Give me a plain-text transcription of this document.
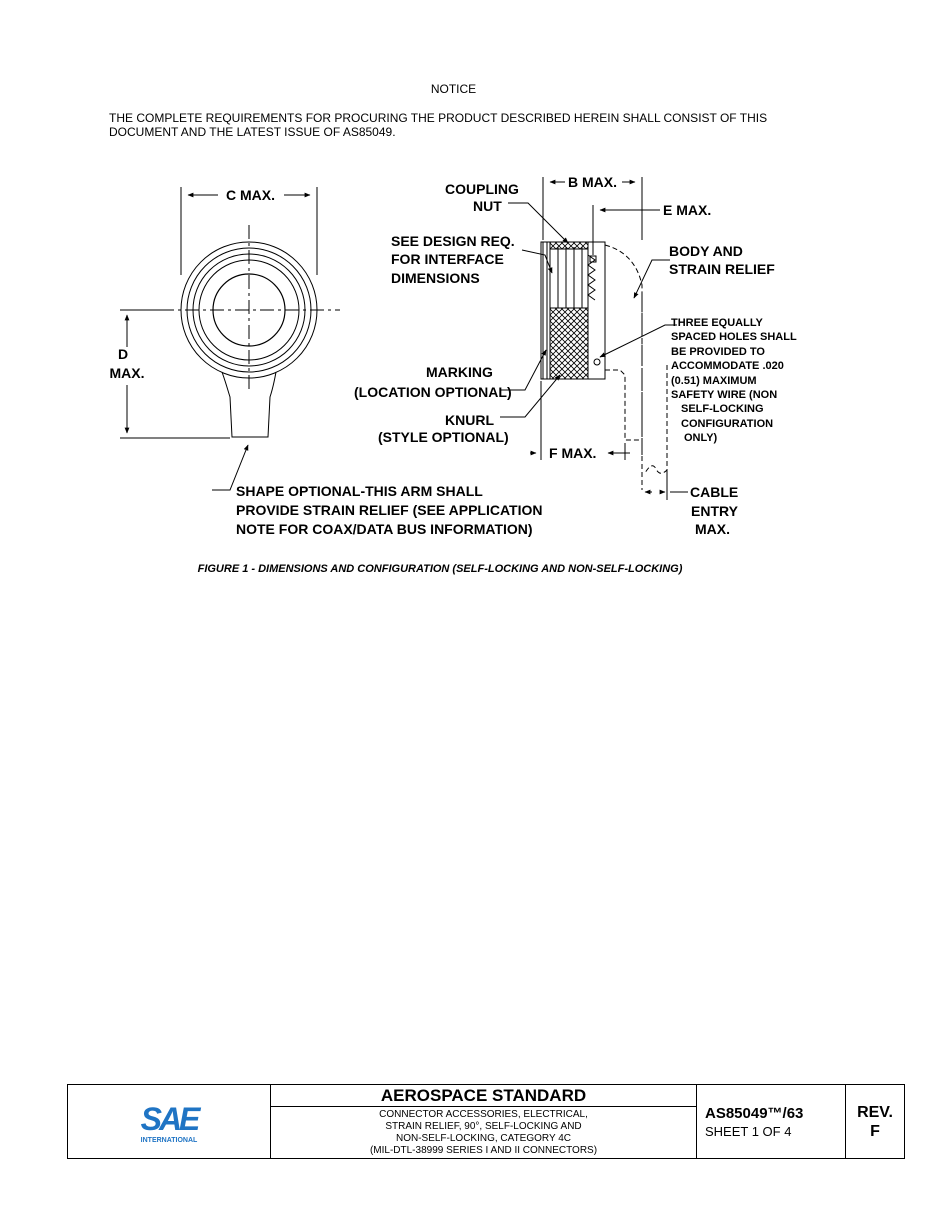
NOTICE
THE COMPLETE REQUIREMENTS FOR PROCURING THE PRODUCT DESCRIBED HEREIN SHALL CONSIST OF THIS DOCUMENT AND THE LATEST ISSUE OF AS85049.
C MAX.
D
MAX.
SHAPE OPTIONAL-THIS ARM SHALL
PROVIDE STRAIN RELIEF (SEE APPLICATION
NOTE FOR COAX/DATA BUS INFORMATION)
COUPLING
NUT
B MAX.
E MAX.
SEE DESIGN REQ.
FOR INTERFACE
DIMENSIONS
BODY AND
STRAIN RELIEF
THREE EQUALLY
SPACED HOLES SHALL
BE PROVIDED TO
ACCOMMODATE .020
(0.51) MAXIMUM
SAFETY WIRE (NON
SELF-LOCKING
CONFIGURATION
ONLY)
MARKING
(LOCATION OPTIONAL)
KNURL
(STYLE OPTIONAL)
F MAX.
CABLE
ENTRY
MAX.
FIGURE 1 - DIMENSIONS AND CONFIGURATION (SELF-LOCKING AND NON-SELF-LOCKING)
SAE
INTERNATIONAL
AEROSPACE STANDARD
CONNECTOR ACCESSORIES, ELECTRICAL,
STRAIN RELIEF, 90°, SELF-LOCKING AND
NON-SELF-LOCKING, CATEGORY 4C
(MIL-DTL-38999 SERIES I AND II CONNECTORS)
AS85049™/63
SHEET 1 OF 4
REV.
F
